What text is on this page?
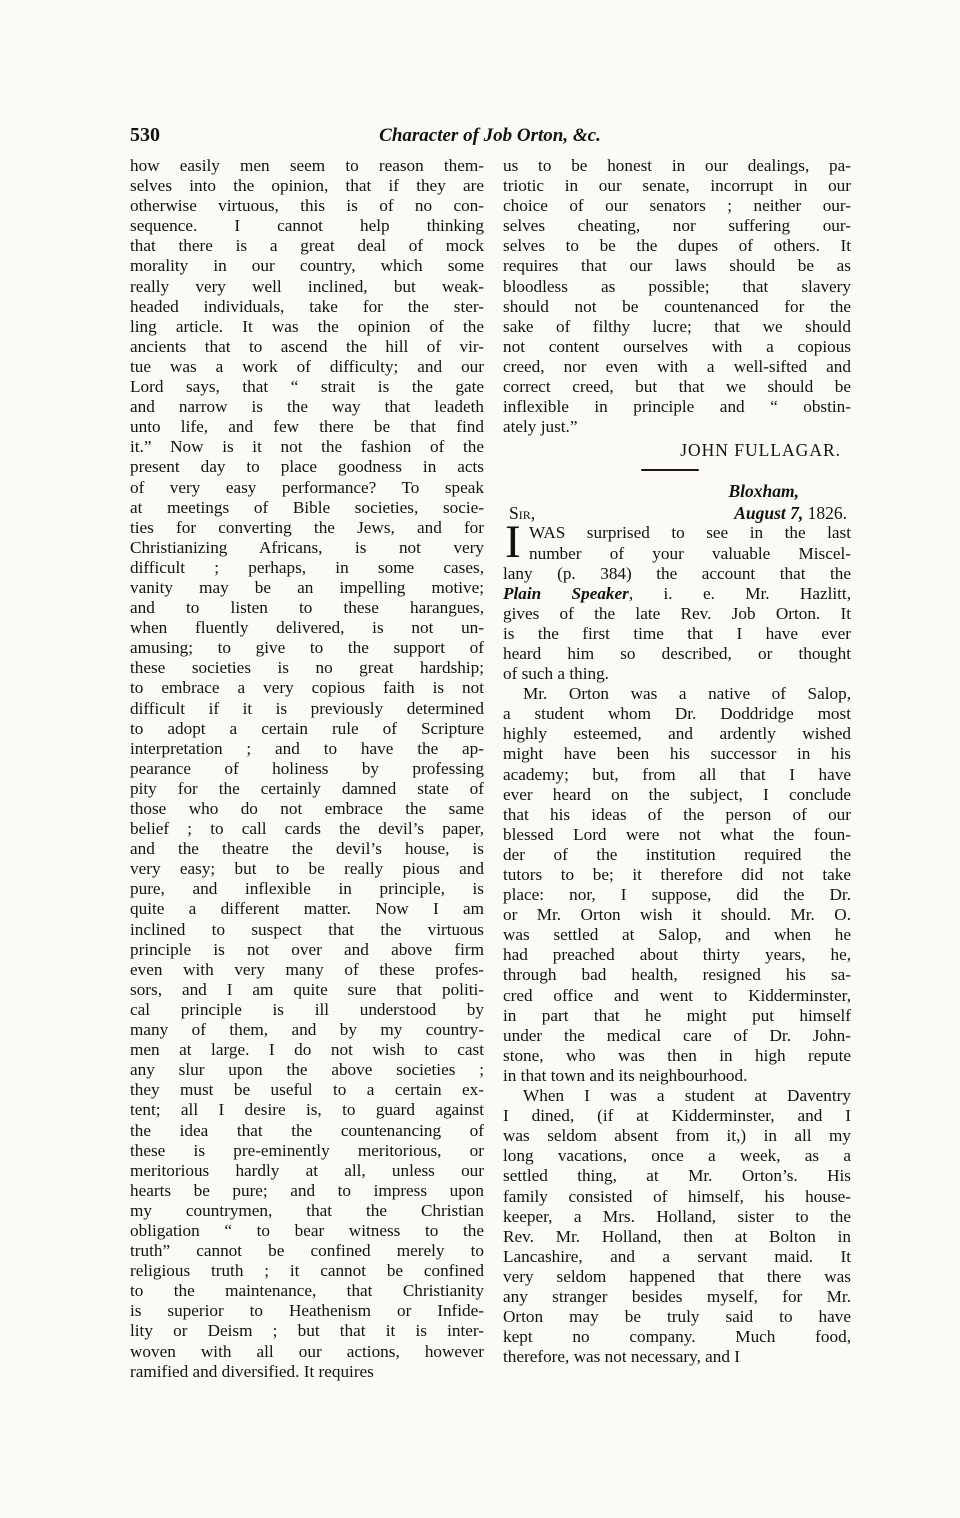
530	Character of Job Orton, &c.
how easily men seem to reason them-
selves into the opinion, that if they are
otherwise virtuous, this is of no con-
sequence. I cannot help thinking
that there is a great deal of mock
morality in our country, which some
really very well inclined, but weak-
headed individuals, take for the ster-
ling article. It was the opinion of the
ancients that to ascend the hill of vir-
tue was a work of difficulty; and our
Lord says, that “ strait is the gate
and narrow is the way that leadeth
unto life, and few there be that find
it.” Now is it not the fashion of the
present day to place goodness in acts
of very easy performance? To speak
at meetings of Bible societies, socie-
ties for converting the Jews, and for
Christianizing Africans, is not very
difficult ; perhaps, in some cases,
vanity may be an impelling motive;
and to listen to these harangues,
when fluently delivered, is not un-
amusing; to give to the support of
these societies is no great hardship;
to embrace a very copious faith is not
difficult if it is previously determined
to adopt a certain rule of Scripture
interpretation ; and to have the ap-
pearance of holiness by professing
pity for the certainly damned state of
those who do not embrace the same
belief ; to call cards the devil’s paper,
and the theatre the devil’s house, is
very easy; but to be really pious and
pure, and inflexible in principle, is
quite a different matter. Now I am
inclined to suspect that the virtuous
principle is not over and above firm
even with very many of these profes-
sors, and I am quite sure that politi-
cal principle is ill understood by
many of them, and by my country-
men at large. I do not wish to cast
any slur upon the above societies ;
they must be useful to a certain ex-
tent; all I desire is, to guard against
the idea that the countenancing of
these is pre-eminently meritorious, or
meritorious hardly at all, unless our
hearts be pure; and to impress upon
my countrymen, that the Christian
obligation “ to bear witness to the
truth” cannot be confined merely to
religious truth ; it cannot be confined
to the maintenance, that Christianity
is superior to Heathenism or Infide-
lity or Deism ; but that it is inter-
woven with all our actions, however
ramified and diversified. It requires
us to be honest in our dealings, pa-
triotic in our senate, incorrupt in our
choice of our senators ; neither our-
selves cheating, nor suffering our-
selves to be the dupes of others. It
requires that our laws should be as
bloodless as possible; that slavery
should not be countenanced for the
sake of filthy lucre; that we should
not content ourselves with a copious
creed, nor even with a well-sifted and
correct creed, but that we should be
inflexible in principle and “ obstin-
ately just.”
JOHN FULLAGAR.
Bloxham,
Sir,	August 7, 1826.
I WAS surprised to see in the last
number of your valuable Miscel-
lany (p. 384) the account that the
Plain Speaker, i. e. Mr. Hazlitt,
gives of the late Rev. Job Orton. It
is the first time that I have ever
heard him so described, or thought
of such a thing.
Mr. Orton was a native of Salop,
a student whom Dr. Doddridge most
highly esteemed, and ardently wished
might have been his successor in his
academy; but, from all that I have
ever heard on the subject, I conclude
that his ideas of the person of our
blessed Lord were not what the foun-
der of the institution required the
tutors to be; it therefore did not take
place: nor, I suppose, did the Dr.
or Mr. Orton wish it should. Mr. O.
was settled at Salop, and when he
had preached about thirty years, he,
through bad health, resigned his sa-
cred office and went to Kidderminster,
in part that he might put himself
under the medical care of Dr. John-
stone, who was then in high repute
in that town and its neighbourhood.
When I was a student at Daventry
I dined, (if at Kidderminster, and I
was seldom absent from it,) in all my
long vacations, once a week, as a
settled thing, at Mr. Orton’s. His
family consisted of himself, his house-
keeper, a Mrs. Holland, sister to the
Rev. Mr. Holland, then at Bolton in
Lancashire, and a servant maid. It
very seldom happened that there was
any stranger besides myself, for Mr.
Orton may be truly said to have
kept no company. Much food,
therefore, was not necessary, and I
